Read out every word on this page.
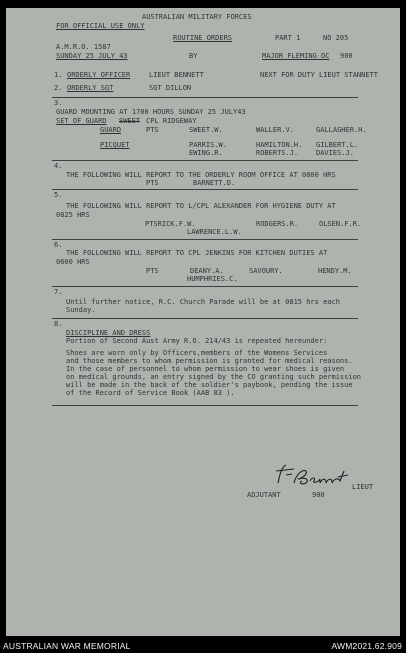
AUSTRALIAN MILITARY FORCES
FOR OFFICIAL USE ONLY
ROUTINE ORDERS	PART 1	NO 205
A.M.R.O. 1587
SUNDAY 25 JULY 43	BY	MAJOR FLEMING OC 900
1. ORDERLY OFFICER	LIEUT BENNETT	NEXT FOR DUTY LIEUT STANNETT
2. ORDERLY SGT	SGT DILLON
3.
GUARD MOUNTING AT 1700 HOURS SUNDAY 25 JULY43
SET OF GUARD SWEET CPL RIDGEWAY
GUARD	PTS	SWEET.W.	WALLER.V.	GALLAGHER.H.
PICQUET	PARRIS.W.	HAMILTON.H. GILBERT.L.
EWING.R.	ROBERTS.J.	DAVIES.J.
4.
THE FOLLOWING WILL REPORT TO THE ORDERLY ROOM OFFICE AT 0800 HRS
PTS	BARNETT.D.
5.
THE FOLLOWING WILL REPORT TO L/CPL ALEXANDER FOR HYGIENE DUTY AT
0825 HRS
PTSRICK.F.W.	RODGERS.R.	OLSEN.F.R.
LAWRENCE.L.W.
6.
THE FOLLOWING WILL REPORT TO CPL JENKINS FOR KITCHEN DUTIES AT
0600 HRS
PTS	DEANY.A.	SAVOURY.	HENDY.M.
HUMPHRIES.C.
7.
Until further notice, R.C. Church Parade will be at 0815 hrs each
Sunday.
8.
DISCIPLINE AND DRESS
Portion of Second Aust Army R.O. 214/43 is repeated hereunder:
Shoes are worn only by Officers,members of the Womens Services
and those members to whom permission is granted for medical reasons.
In the case of personnel to whom permission to wear shoes is given
on medical grounds, an entry signed by the CO granting such permission
will be made in the back of the soldier's paybook, pending the issue
of the Record of Service Book (AAB 83 ).
LIEUT
ADJUTANT	900
AUSTRALIAN WAR MEMORIAL	AWM2021.62.909
